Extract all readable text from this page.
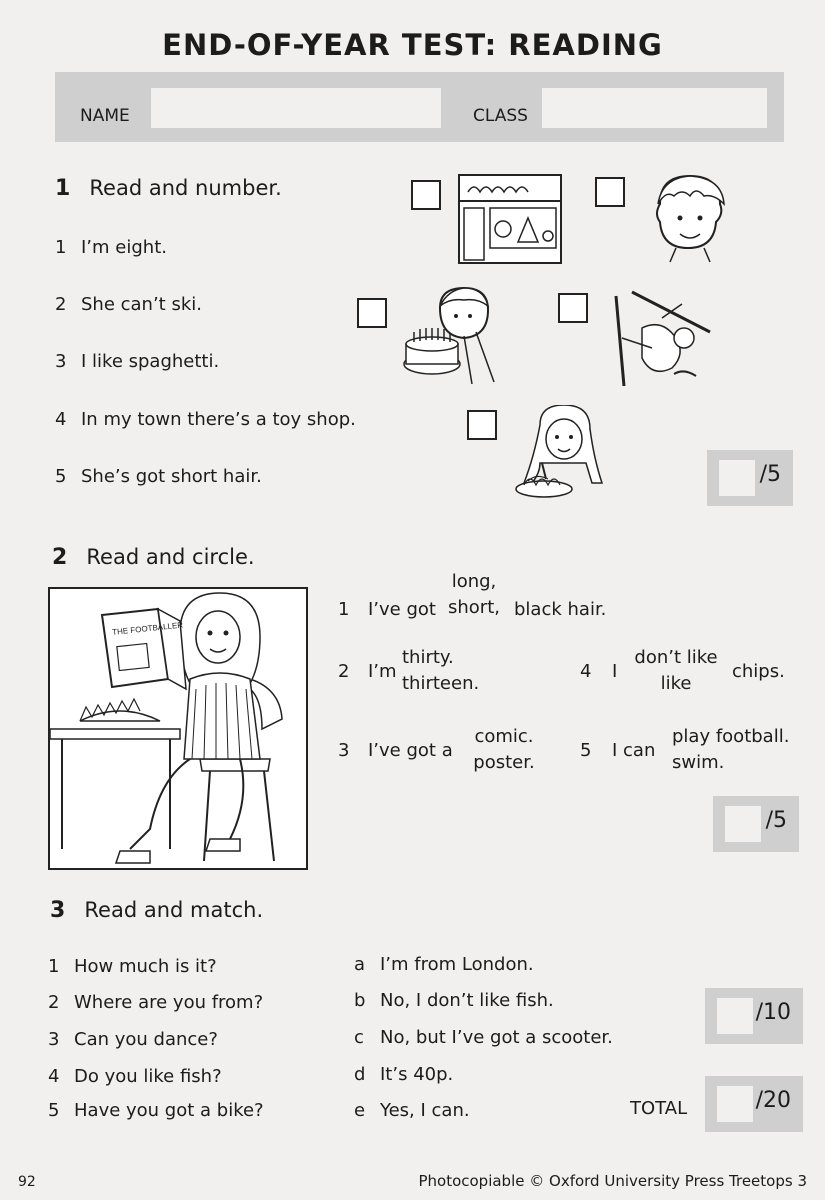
END-OF-YEAR TEST: READING
NAME	CLASS
1 Read and number.
1 I’m eight.
2 She can’t ski.
3 I like spaghetti.
4 In my town there’s a toy shop.
5 She’s got short hair.	/5
2 Read and circle.
THE FOOTBALLER
1 I’ve got
long,
short, black hair.
2 I’m
thirty.
thirteen.
3 I’ve got a
comic.
poster.
4 I
don’t like
like
chips.
5 I can
play football.
swim.
/5
3 Read and match.
1 How much is it?
2 Where are you from?
3 Can you dance?
4 Do you like fish?
5 Have you got a bike?
a I’m from London.
b No, I don’t like fish.
c No, but I’ve got a scooter.
d It’s 40p.
e Yes, I can.
/10
TOTAL	/20
92	Photocopiable © Oxford University Press Treetops 3
